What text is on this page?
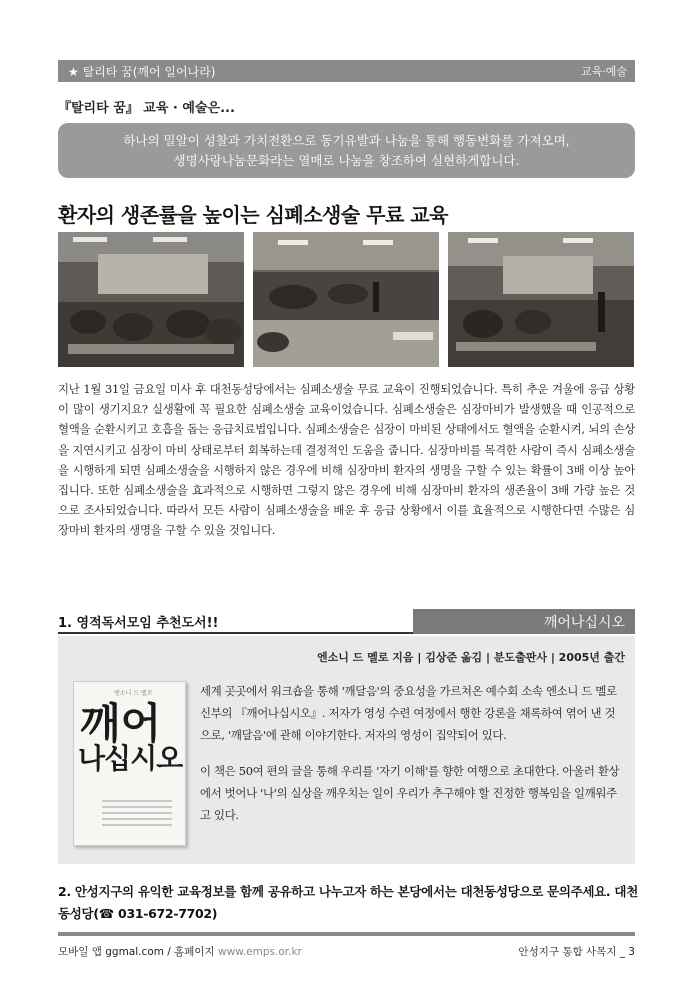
★ 탈리타 꿈(깨어 일어나라)	교육·예술
『탈리타 꿈』 교육 · 예술은...
하나의 밀알이 성찰과 가치전환으로 동기유발과 나눔을 통해 행동변화를 가져오며,
생명사랑나눔문화라는 열매로 나눔을 창조하여 실현하게합니다.
환자의 생존률을 높이는 심폐소생술 무료 교육
지난 1월 31일 금요일 미사 후 대천동성당에서는 심폐소생술 무료 교육이 진행되었습니다. 특히 추운 겨울에 응급 상황이 많이 생기지요? 실생활에 꼭 필요한 심폐소생술 교육이었습니다. 심폐소생술은 심장마비가 발생했을 때 인공적으로 혈액을 순환시키고 호흡을 돕는 응급치료법입니다. 심폐소생술은 심장이 마비된 상태에서도 혈액을 순환시켜, 뇌의 손상을 지연시키고 심장이 마비 상태로부터 회복하는데 결정적인 도움을 줍니다. 심장마비를 목격한 사람이 즉시 심폐소생술을 시행하게 되면 심폐소생술을 시행하지 않은 경우에 비해 심장마비 환자의 생명을 구할 수 있는 확률이 3배 이상 높아집니다. 또한 심폐소생술을 효과적으로 시행하면 그렇지 않은 경우에 비해 심장마비 환자의 생존율이 3배 가량 높은 것으로 조사되었습니다. 따라서 모든 사람이 심폐소생술을 배운 후 응급 상황에서 이를 효율적으로 시행한다면 수많은 심장마비 환자의 생명을 구할 수 있을 것입니다.
1. 영적독서모임 추천도서!!	깨어나십시오
엔소니 드 멜로 지음 | 김상준 옮김 | 분도출판사 | 2005년 출간
엔소니 드 멜로
깨어
나십시오

세계 곳곳에서 워크숍을 통해 '깨달음'의 중요성을 가르쳐온 예수회 소속 엔소니 드 멜로 신부의 『깨어나십시오』. 저자가 영성 수련 여정에서 행한 강론을 채록하여 엮어 낸 것으로, '깨달음'에 관해 이야기한다. 저자의 영성이 집약되어 있다.

이 책은 50여 편의 글을 통해 우리를 '자기 이해'를 향한 여행으로 초대한다. 아울러 환상에서 벗어나 '나'의 실상을 깨우치는 일이 우리가 추구해야 할 진정한 행복임을 일깨워주고 있다.

2. 안성지구의 유익한 교육정보를 함께 공유하고 나누고자 하는 본당에서는 대천동성당으로 문의주세요. 대천동성당(☎ 031-672-7702)
모바일 앱 ggmal.com / 홈페이지 www.emps.or.kr	안성지구 통합 사목지 _ 3
